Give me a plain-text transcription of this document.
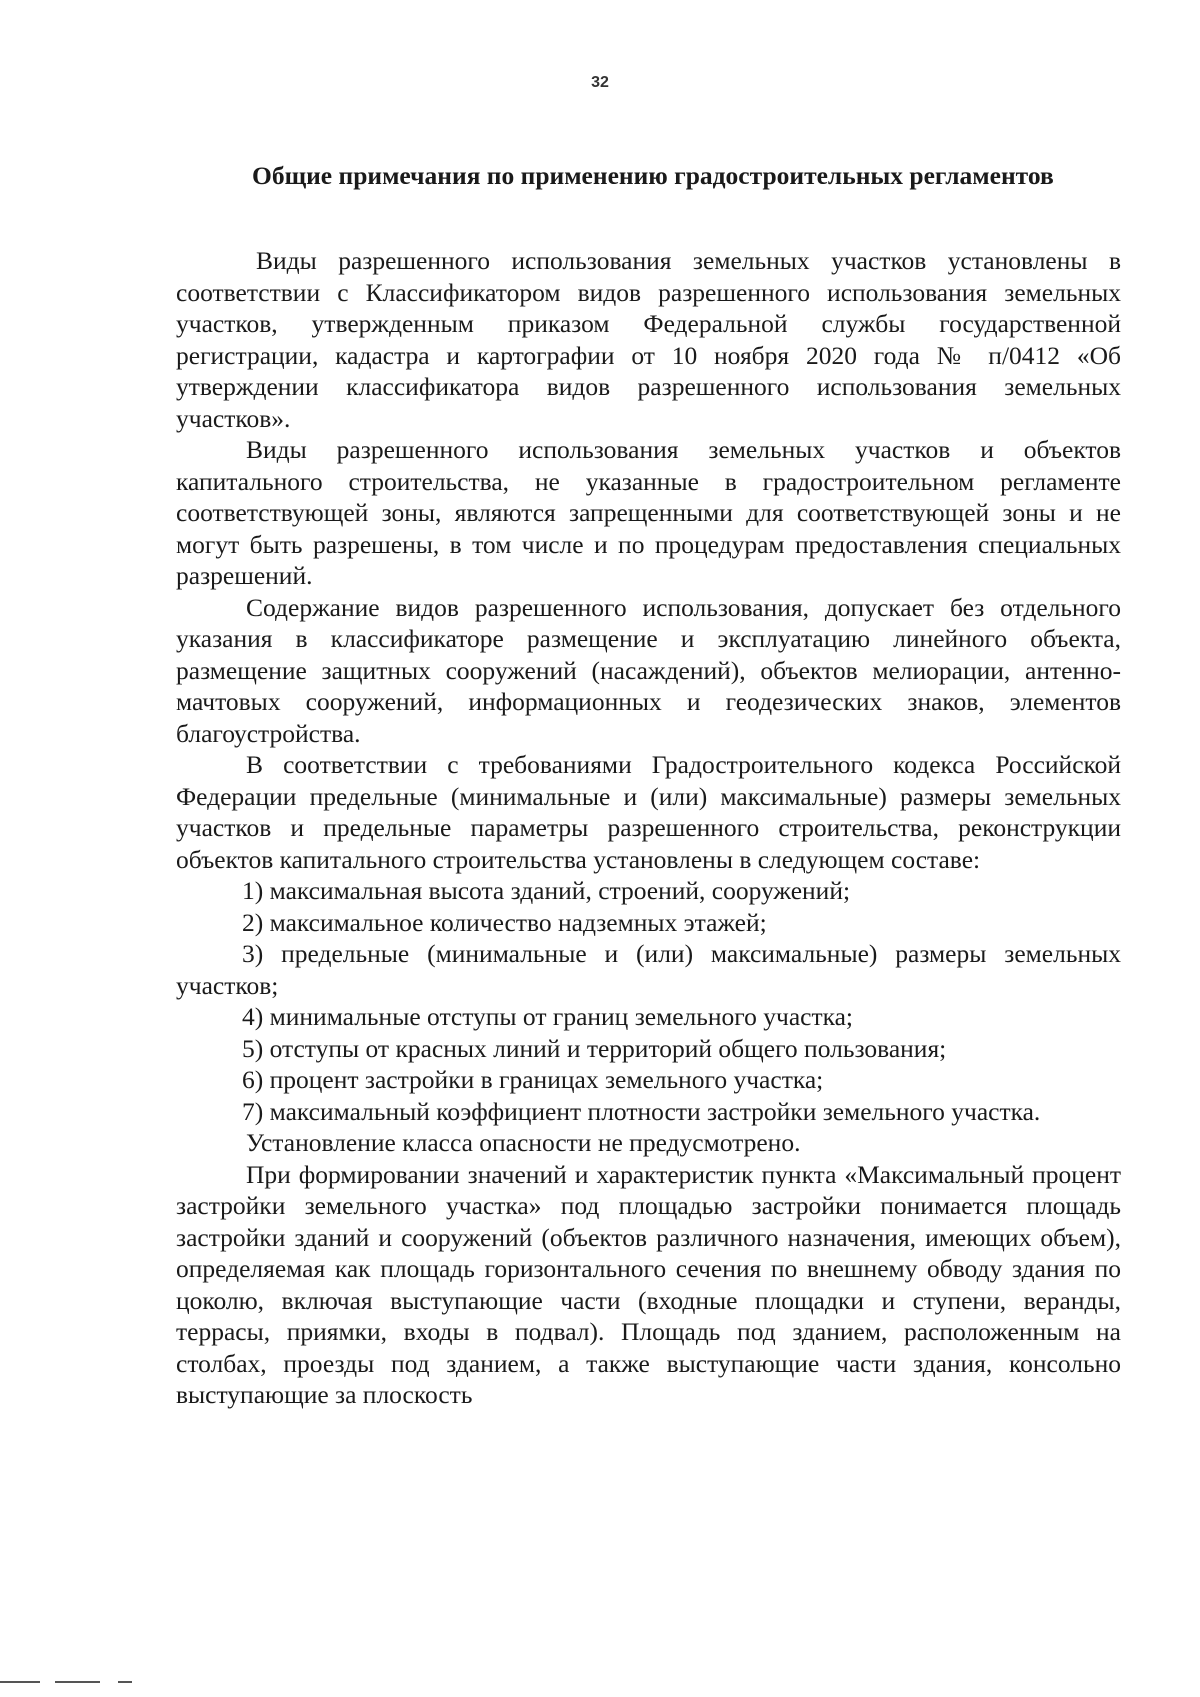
32

Общие примечания по применению градостроительных регламентов

Виды разрешенного использования земельных участков установлены в соответствии с Классификатором видов разрешенного использования земельных участков, утвержденным приказом Федеральной службы государственной регистрации, кадастра и картографии от 10 ноября 2020 года № п/0412 «Об утверждении классификатора видов разрешенного использования земельных участков».

Виды разрешенного использования земельных участков и объектов капитального строительства, не указанные в градостроительном регламенте соответствующей зоны, являются запрещенными для соответствующей зоны и не могут быть разрешены, в том числе и по процедурам предоставления специальных разрешений.

Содержание видов разрешенного использования, допускает без отдельного указания в классификаторе размещение и эксплуатацию линейного объекта, размещение защитных сооружений (насаждений), объектов мелиорации, антенно-мачтовых сооружений, информационных и геодезических знаков, элементов благоустройства.

В соответствии с требованиями Градостроительного кодекса Российской Федерации предельные (минимальные и (или) максимальные) размеры земельных участков и предельные параметры разрешенного строительства, реконструкции объектов капитального строительства установлены в следующем составе:

1) максимальная высота зданий, строений, сооружений;

2) максимальное количество надземных этажей;

3) предельные (минимальные и (или) максимальные) размеры земельных участков;

4) минимальные отступы от границ земельного участка;

5) отступы от красных линий и территорий общего пользования;

6) процент застройки в границах земельного участка;

7) максимальный коэффициент плотности застройки земельного участка.

Установление класса опасности не предусмотрено.

При формировании значений и характеристик пункта «Максимальный процент застройки земельного участка» под площадью застройки понимается площадь застройки зданий и сооружений (объектов различного назначения, имеющих объем), определяемая как площадь горизонтального сечения по внешнему обводу здания по цоколю, включая выступающие части (входные площадки и ступени, веранды, террасы, приямки, входы в подвал). Площадь под зданием, расположенным на столбах, проезды под зданием, а также выступающие части здания, консольно выступающие за плоскость
